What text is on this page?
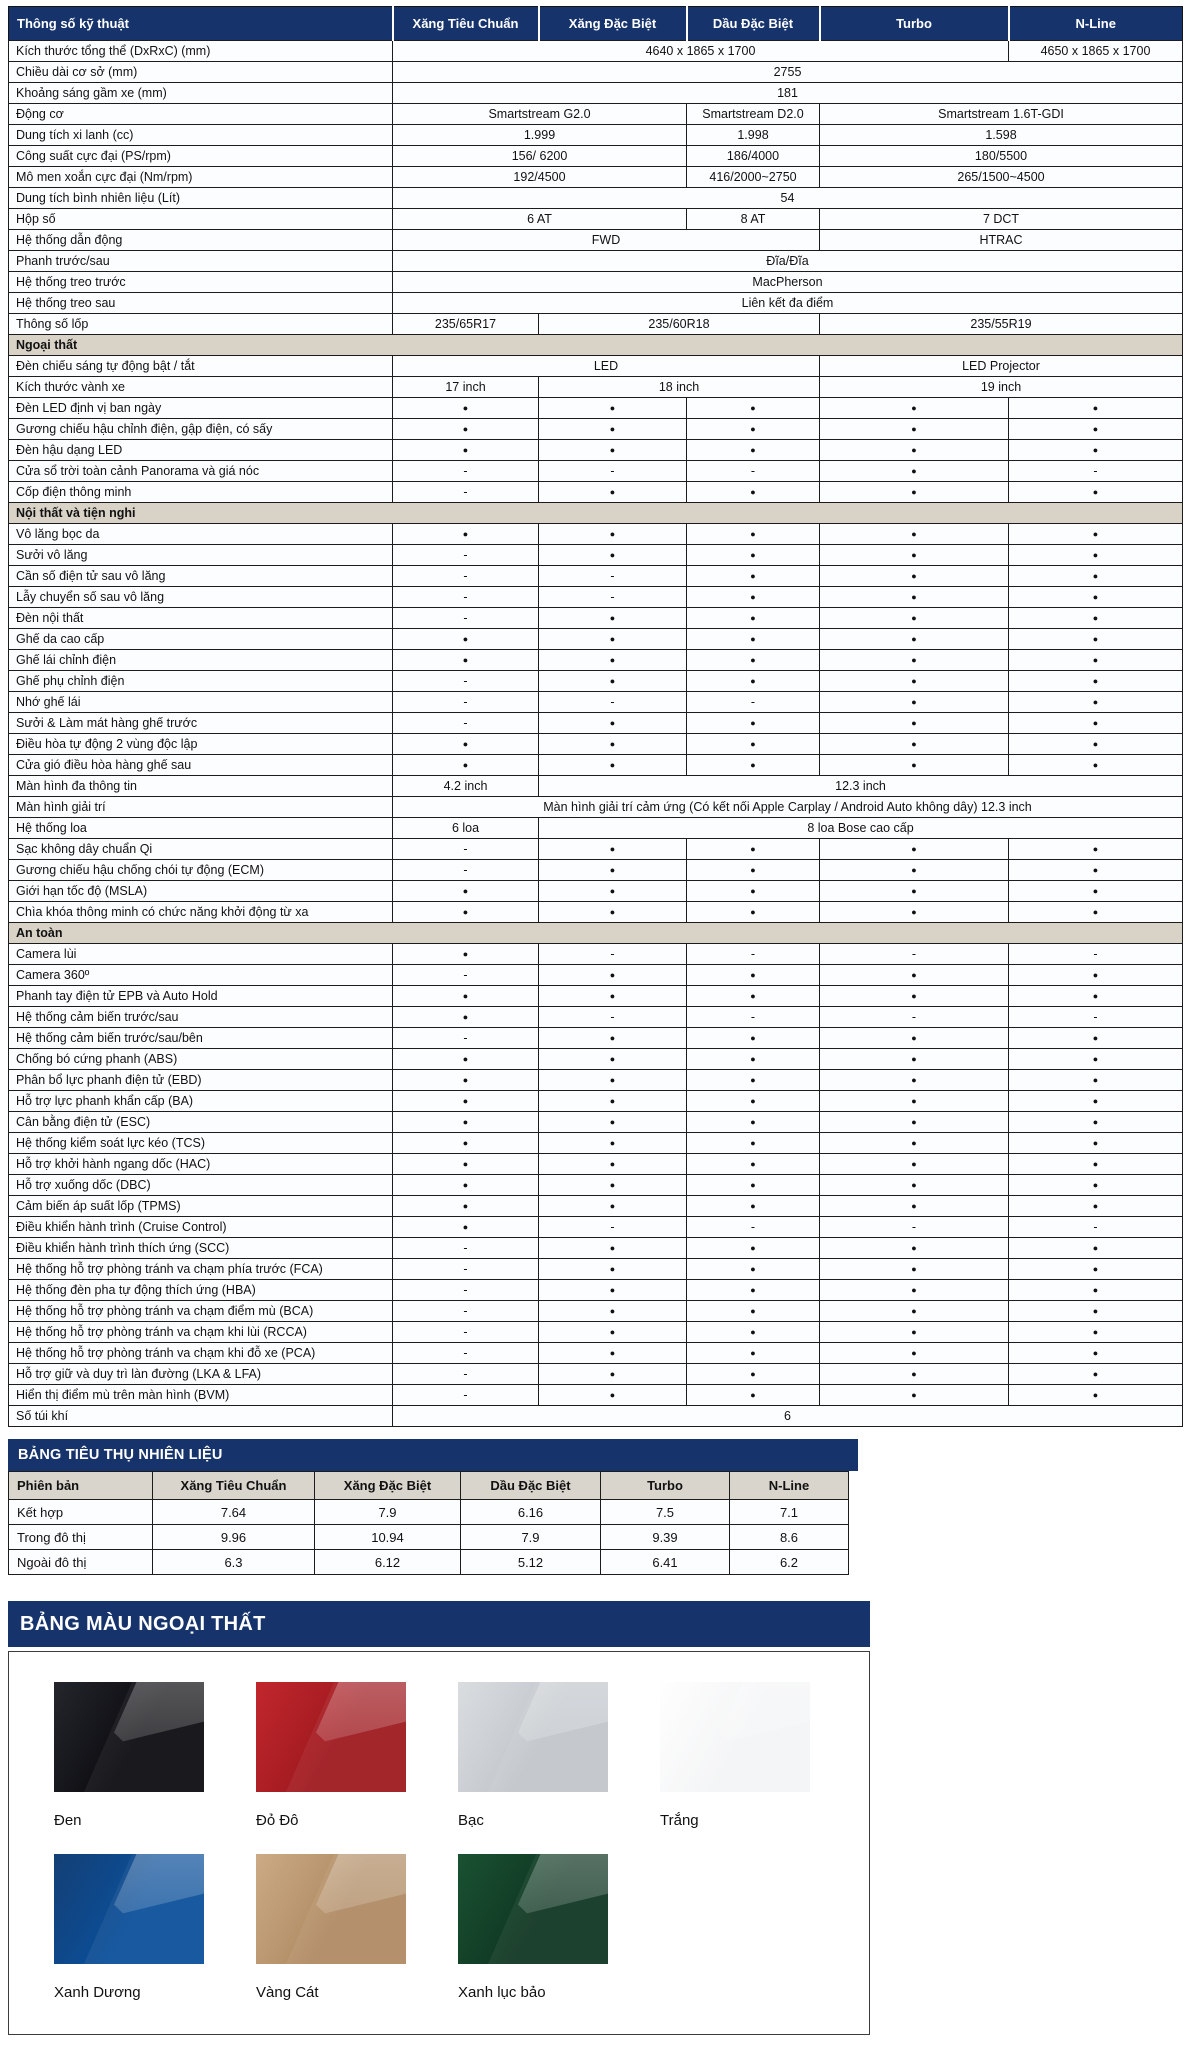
Thông số kỹ thuật	Xăng Tiêu Chuẩn	Xăng Đặc Biệt	Dầu Đặc Biệt	Turbo	N-Line
Kích thước tổng thể (DxRxC) (mm)	4640 x 1865 x 1700				4650 x 1865 x 1700
Chiều dài cơ sở (mm)	2755				
Khoảng sáng gầm xe (mm)	181				
Động cơ	Smartstream G2.0		Smartstream D2.0	Smartstream 1.6T-GDI	
Dung tích xi lanh (cc)	1.999		1.998	1.598	
Công suất cực đại (PS/rpm)	156/ 6200		186/4000	180/5500	
Mô men xoắn cực đại (Nm/rpm)	192/4500		416/2000~2750	265/1500~4500	
Dung tích bình nhiên liệu (Lít)	54				
Hộp số	6 AT		8 AT	7 DCT	
Hệ thống dẫn động	FWD			HTRAC	
Phanh trước/sau	Đĩa/Đĩa				
Hệ thống treo trước	MacPherson				
Hệ thống treo sau	Liên kết đa điểm				
Thông số lốp	235/65R17	235/60R18		235/55R19	
Ngoại thất					
Đèn chiếu sáng tự động bật / tắt	LED			LED Projector	
Kích thước vành xe	17 inch	18 inch		19 inch	
Đèn LED định vị ban ngày	●	●	●	●	●
Gương chiếu hậu chỉnh điện, gập điện, có sấy	●	●	●	●	●
Đèn hậu dạng LED	●	●	●	●	●
Cửa sổ trời toàn cảnh Panorama và giá nóc	-	-	-	●	-
Cốp điện thông minh	-	●	●	●	●
Nội thất và tiện nghi					
Vô lăng bọc da	●	●	●	●	●
Sưởi vô lăng	-	●	●	●	●
Cần số điện tử sau vô lăng	-	-	●	●	●
Lẫy chuyển số sau vô lăng	-	-	●	●	●
Đèn nội thất	-	●	●	●	●
Ghế da cao cấp	●	●	●	●	●
Ghế lái chỉnh điện	●	●	●	●	●
Ghế phụ chỉnh điện	-	●	●	●	●
Nhớ ghế lái	-	-	-	●	●
Sưởi & Làm mát hàng ghế trước	-	●	●	●	●
Điều hòa tự động 2 vùng độc lập	●	●	●	●	●
Cửa gió điều hòa hàng ghế sau	●	●	●	●	●
Màn hình đa thông tin	4.2 inch	12.3 inch			
Màn hình giải trí	Màn hình giải trí cảm ứng (Có kết nối Apple Carplay / Android Auto không dây) 12.3 inch				
Hệ thống loa	6 loa	8 loa Bose cao cấp			
Sạc không dây chuẩn Qi	-	●	●	●	●
Gương chiếu hậu chống chói tự động (ECM)	-	●	●	●	●
Giới hạn tốc độ (MSLA)	●	●	●	●	●
Chìa khóa thông minh có chức năng khởi động từ xa	●	●	●	●	●
An toàn					
Camera lùi	●	-	-	-	-
Camera 360º	-	●	●	●	●
Phanh tay điện tử EPB và Auto Hold	●	●	●	●	●
Hệ thống cảm biến trước/sau	●	-	-	-	-
Hệ thống cảm biến trước/sau/bên	-	●	●	●	●
Chống bó cứng phanh (ABS)	●	●	●	●	●
Phân bổ lực phanh điện tử (EBD)	●	●	●	●	●
Hỗ trợ lực phanh khẩn cấp (BA)	●	●	●	●	●
Cân bằng điện tử (ESC)	●	●	●	●	●
Hệ thống kiểm soát lực kéo (TCS)	●	●	●	●	●
Hỗ trợ khởi hành ngang dốc (HAC)	●	●	●	●	●
Hỗ trợ xuống dốc (DBC)	●	●	●	●	●
Cảm biến áp suất lốp (TPMS)	●	●	●	●	●
Điều khiển hành trình (Cruise Control)	●	-	-	-	-
Điều khiển hành trình thích ứng (SCC)	-	●	●	●	●
Hệ thống hỗ trợ phòng tránh va chạm phía trước (FCA)	-	●	●	●	●
Hệ thống đèn pha tự động thích ứng (HBA)	-	●	●	●	●
Hệ thống hỗ trợ phòng tránh va chạm điểm mù (BCA)	-	●	●	●	●
Hệ thống hỗ trợ phòng tránh va chạm khi lùi (RCCA)	-	●	●	●	●
Hệ thống hỗ trợ phòng tránh va chạm khi đỗ xe (PCA)	-	●	●	●	●
Hỗ trợ giữ và duy trì làn đường (LKA & LFA)	-	●	●	●	●
Hiển thị điểm mù trên màn hình (BVM)	-	●	●	●	●
Số túi khí	6				
BẢNG TIÊU THỤ NHIÊN LIỆU
Phiên bản	Xăng Tiêu Chuẩn	Xăng Đặc Biệt	Dầu Đặc Biệt	Turbo	N-Line
Kết hợp	7.64	7.9	6.16	7.5	7.1
Trong đô thị	9.96	10.94	7.9	9.39	8.6
Ngoài đô thị	6.3	6.12	5.12	6.41	6.2
BẢNG MÀU NGOẠI THẤT
Đen	Đỏ Đô	Bạc	Trắng
Xanh Dương	Vàng Cát	Xanh lục bảo
